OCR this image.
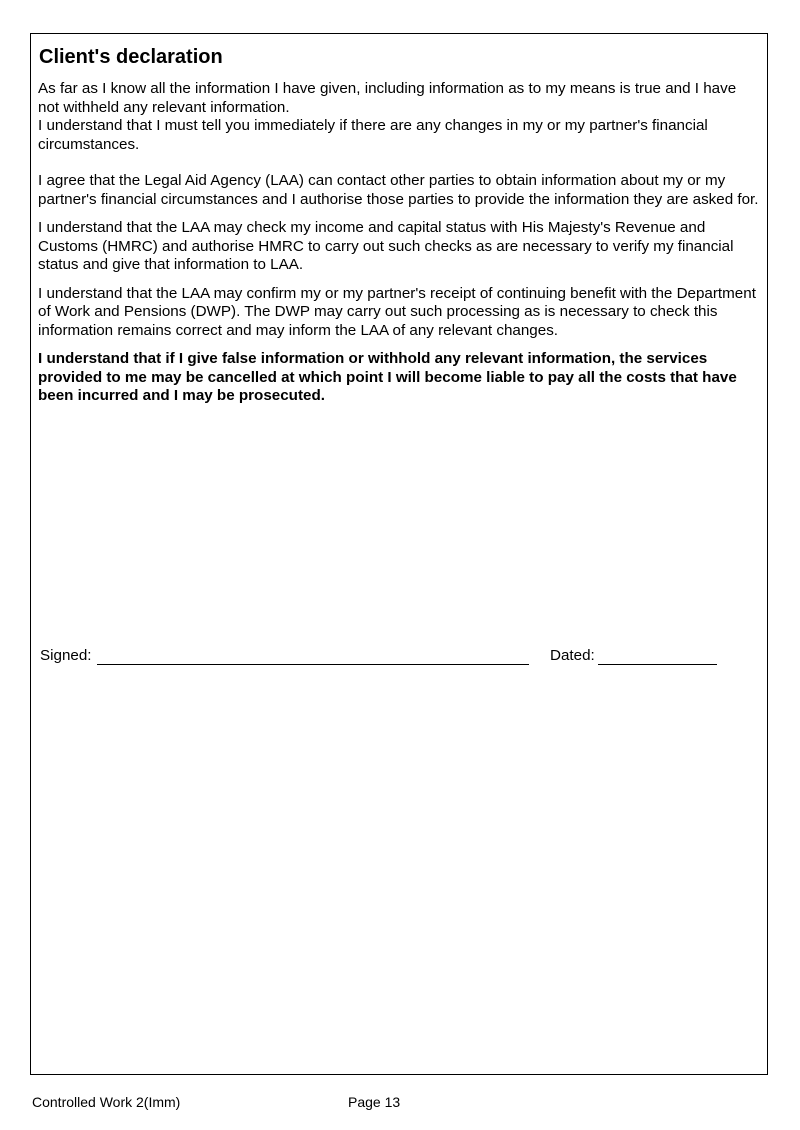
Client's declaration

As far as I know all the information I have given, including information as to my means is true and I have not withheld any relevant information.

I understand that I must tell you immediately if there are any changes in my or my partner's financial circumstances.

I agree that the Legal Aid Agency (LAA) can contact other parties to obtain information about my or my partner's financial circumstances and I authorise those parties to provide the information they are asked for.

I understand that the LAA may check my income and capital status with His Majesty's Revenue and Customs (HMRC) and authorise HMRC to carry out such checks as are necessary to verify my financial status and give that information to LAA.

I understand that the LAA may confirm my or my partner's receipt of continuing benefit with the Department of Work and Pensions (DWP). The DWP may carry out such processing as is necessary to check this information remains correct and may inform the LAA of any relevant changes.

I understand that if I give false information or withhold any relevant information, the services provided to me may be cancelled at which point I will become liable to pay all the costs that have been incurred and I may be prosecuted.

Signed:	Dated:
Controlled Work 2(Imm)	Page 13
